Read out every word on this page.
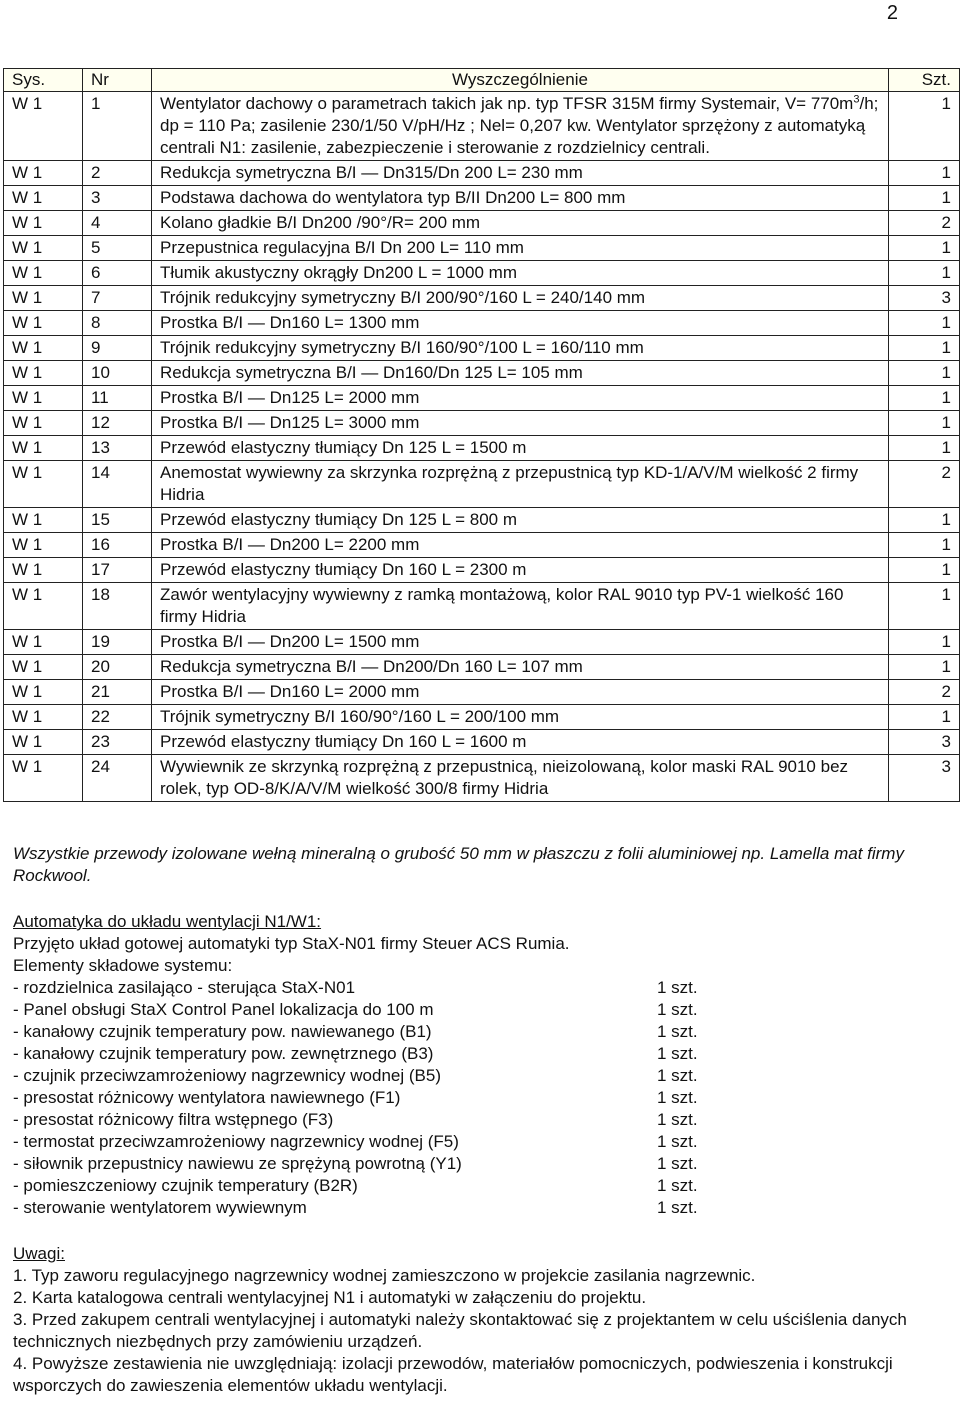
2
Sys.	Nr	Wyszczególnienie	Szt.
W 1	1	Wentylator dachowy o parametrach takich jak np. typ TFSR 315M firmy Systemair, $V= 770m^3/h$; dp = 110 Pa; zasilenie 230/1/50 V/pH/Hz ; Nel= 0,207 kw. Wentylator sprzężony z automatyką centrali N1: zasilenie, zabezpieczenie i sterowanie z rozdzielnicy centrali.	1
W 1	2	Redukcja symetryczna B/I — Dn315/Dn 200 L= 230 mm	1
W 1	3	Podstawa dachowa do wentylatora typ B/II Dn200 L= 800 mm	1
W 1	4	Kolano gładkie B/I Dn200 /90°/R= 200 mm	2
W 1	5	Przepustnica regulacyjna B/I Dn 200 L= 110 mm	1
W 1	6	Tłumik akustyczny okrągły Dn200 L = 1000 mm	1
W 1	7	Trójnik redukcyjny symetryczny B/I 200/90°/160 L = 240/140 mm	3
W 1	8	Prostka B/I — Dn160 L= 1300 mm	1
W 1	9	Trójnik redukcyjny symetryczny B/I 160/90°/100 L = 160/110 mm	1
W 1	10	Redukcja symetryczna B/I — Dn160/Dn 125 L= 105 mm	1
W 1	11	Prostka B/I — Dn125 L= 2000 mm	1
W 1	12	Prostka B/I — Dn125 L= 3000 mm	1
W 1	13	Przewód elastyczny tłumiący Dn 125 L = 1500 m	1
W 1	14	Anemostat wywiewny za skrzynka rozprężną z przepustnicą typ KD-1/A/V/M wielkość 2 firmy Hidria	2
W 1	15	Przewód elastyczny tłumiący Dn 125 L = 800 m	1
W 1	16	Prostka B/I — Dn200 L= 2200 mm	1
W 1	17	Przewód elastyczny tłumiący Dn 160 L = 2300 m	1
W 1	18	Zawór wentylacyjny wywiewny z ramką montażową, kolor RAL 9010 typ PV-1 wielkość 160 firmy Hidria	1
W 1	19	Prostka B/I — Dn200 L= 1500 mm	1
W 1	20	Redukcja symetryczna B/I — Dn200/Dn 160 L= 107 mm	1
W 1	21	Prostka B/I — Dn160 L= 2000 mm	2
W 1	22	Trójnik symetryczny B/I 160/90°/160 L = 200/100 mm	1
W 1	23	Przewód elastyczny tłumiący Dn 160 L = 1600 m	3
W 1	24	Wywiewnik ze skrzynką rozprężną z przepustnicą, nieizolowaną, kolor maski RAL 9010 bez rolek, typ OD-8/K/A/V/M wielkość 300/8 firmy Hidria	3
Wszystkie przewody izolowane wełną mineralną o grubość 50 mm w płaszczu z folii aluminiowej np. Lamella mat firmy Rockwool.
Automatyka do układu wentylacji N1/W1:
Przyjęto układ gotowej automatyki typ StaX-N01 firmy Steuer ACS Rumia.
Elementy składowe systemu:
- rozdzielnica zasilająco - sterująca StaX-N01	1 szt.
- Panel obsługi StaX Control Panel lokalizacja do 100 m	1 szt.
- kanałowy czujnik temperatury pow. nawiewanego (B1)	1 szt.
- kanałowy czujnik temperatury pow. zewnętrznego (B3)	1 szt.
- czujnik przeciwzamrożeniowy nagrzewnicy wodnej (B5)	1 szt.
- presostat różnicowy wentylatora nawiewnego (F1)	1 szt.
- presostat różnicowy filtra wstępnego (F3)	1 szt.
- termostat przeciwzamrożeniowy nagrzewnicy wodnej (F5)	1 szt.
- siłownik przepustnicy nawiewu ze sprężyną powrotną (Y1)	1 szt.
- pomieszczeniowy czujnik temperatury (B2R)	1 szt.
- sterowanie wentylatorem wywiewnym	1 szt.
Uwagi:
1. Typ zaworu regulacyjnego nagrzewnicy wodnej zamieszczono w projekcie zasilania nagrzewnic.
2. Karta katalogowa centrali wentylacyjnej N1 i automatyki w załączeniu do projektu.
3. Przed zakupem centrali wentylacyjnej i automatyki należy skontaktować się z projektantem w celu uściślenia danych technicznych niezbędnych przy zamówieniu urządzeń.
4. Powyższe zestawienia nie uwzględniają: izolacji przewodów, materiałów pomocniczych, podwieszenia i konstrukcji wsporczych do zawieszenia elementów układu wentylacji.
